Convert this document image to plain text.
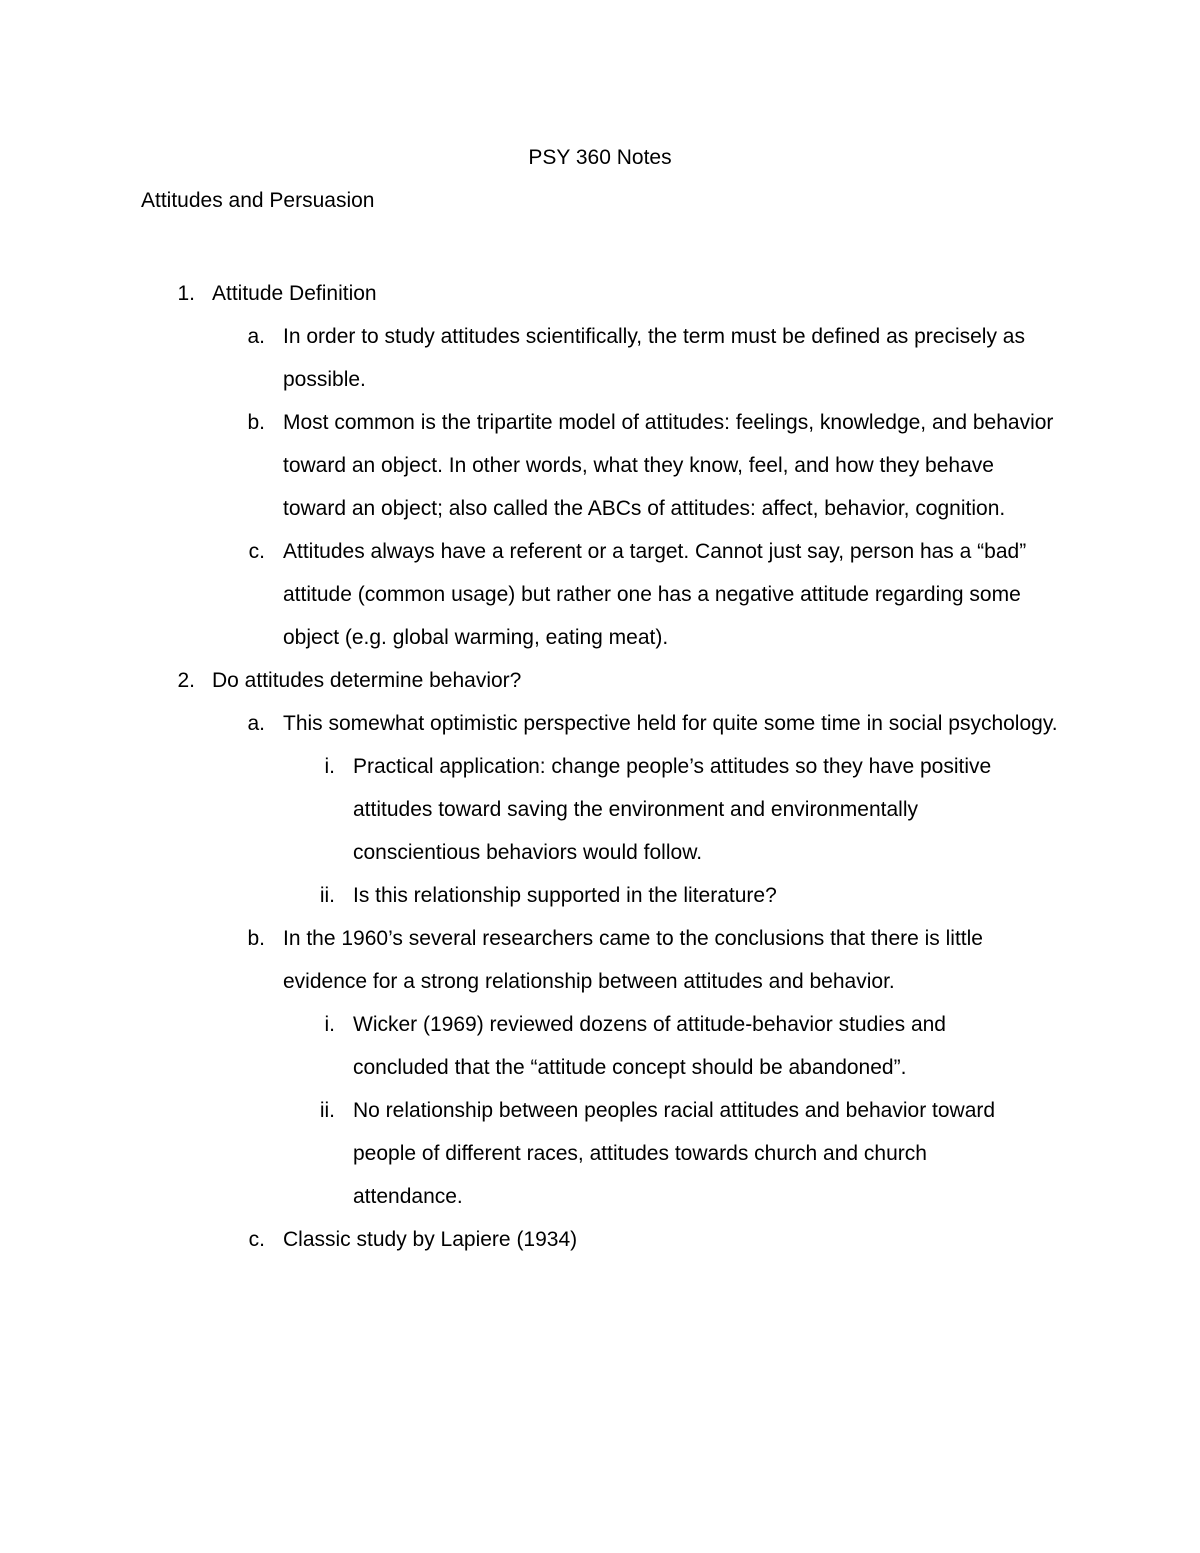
PSY 360 Notes
Attitudes and Persuasion
1. Attitude Definition
a. In order to study attitudes scientifically, the term must be defined as precisely as possible.
b. Most common is the tripartite model of attitudes: feelings, knowledge, and behavior toward an object. In other words, what they know, feel, and how they behave toward an object; also called the ABCs of attitudes: affect, behavior, cognition.
c. Attitudes always have a referent or a target. Cannot just say, person has a “bad” attitude (common usage) but rather one has a negative attitude regarding some object (e.g. global warming, eating meat).
2. Do attitudes determine behavior?
a. This somewhat optimistic perspective held for quite some time in social psychology.
i. Practical application: change people’s attitudes so they have positive attitudes toward saving the environment and environmentally conscientious behaviors would follow.
ii. Is this relationship supported in the literature?
b. In the 1960’s several researchers came to the conclusions that there is little evidence for a strong relationship between attitudes and behavior.
i. Wicker (1969) reviewed dozens of attitude-behavior studies and concluded that the “attitude concept should be abandoned”.
ii. No relationship between peoples racial attitudes and behavior toward people of different races, attitudes towards church and church attendance.
c. Classic study by Lapiere (1934)
